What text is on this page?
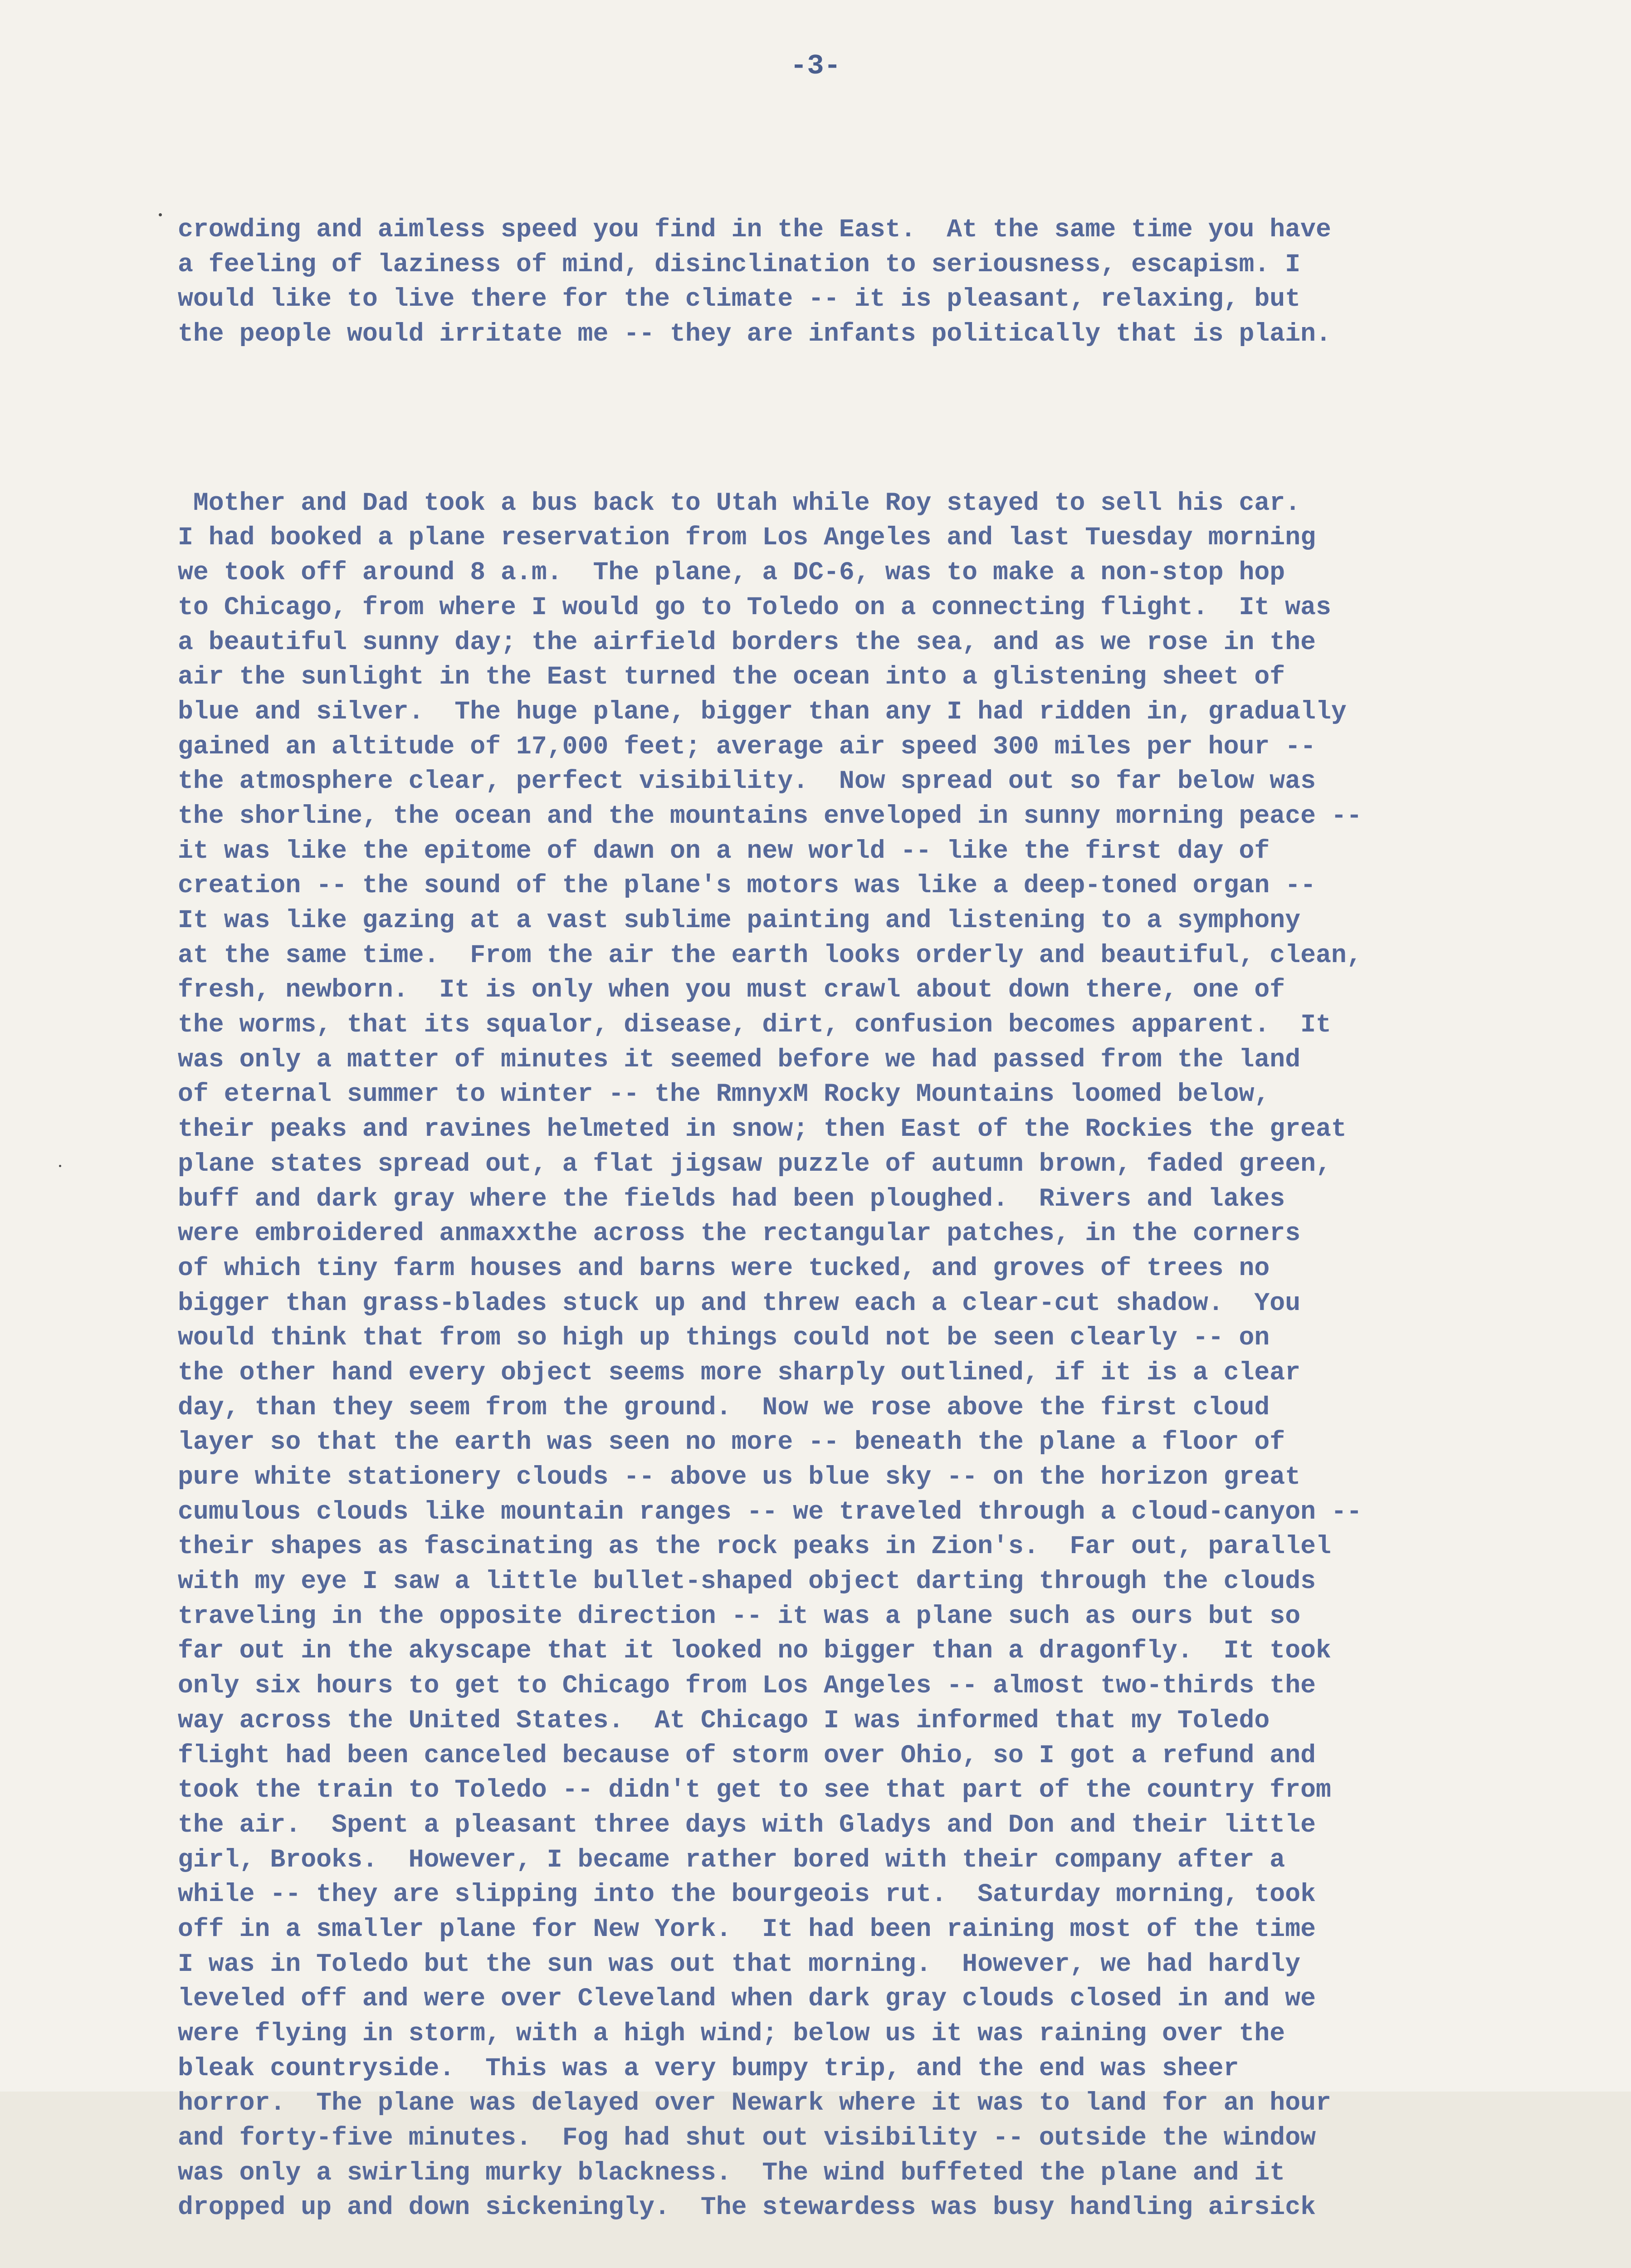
-3-

crowding and aimless speed you find in the East.  At the same time you have
a feeling of laziness of mind, disinclination to seriousness, escapism. I
would like to live there for the climate -- it is pleasant, relaxing, but
the people would irritate me -- they are infants politically that is plain.

Mother and Dad took a bus back to Utah while Roy stayed to sell his car.
I had booked a plane reservation from Los Angeles and last Tuesday morning
we took off around 8 a.m.  The plane, a DC-6, was to make a non-stop hop
to Chicago, from where I would go to Toledo on a connecting flight.  It was
a beautiful sunny day; the airfield borders the sea, and as we rose in the
air the sunlight in the East turned the ocean into a glistening sheet of
blue and silver.  The huge plane, bigger than any I had ridden in, gradually
gained an altitude of 17,000 feet; average air speed 300 miles per hour --
the atmosphere clear, perfect visibility.  Now spread out so far below was
the shorline, the ocean and the mountains enveloped in sunny morning peace --
it was like the epitome of dawn on a new world -- like the first day of
creation -- the sound of the plane's motors was like a deep-toned organ --
It was like gazing at a vast sublime painting and listening to a symphony
at the same time.  From the air the earth looks orderly and beautiful, clean,
fresh, newborn.  It is only when you must crawl about down there, one of
the worms, that its squalor, disease, dirt, confusion becomes apparent.  It
was only a matter of minutes it seemed before we had passed from the land
of eternal summer to winter -- the RmnyxM Rocky Mountains loomed below,
their peaks and ravines helmeted in snow; then East of the Rockies the great
plane states spread out, a flat jigsaw puzzle of autumn brown, faded green,
buff and dark gray where the fields had been ploughed.  Rivers and lakes
were embroidered anmaxxthe across the rectangular patches, in the corners
of which tiny farm houses and barns were tucked, and groves of trees no
bigger than grass-blades stuck up and threw each a clear-cut shadow.  You
would think that from so high up things could not be seen clearly -- on
the other hand every object seems more sharply outlined, if it is a clear
day, than they seem from the ground.  Now we rose above the first cloud
layer so that the earth was seen no more -- beneath the plane a floor of
pure white stationery clouds -- above us blue sky -- on the horizon great
cumulous clouds like mountain ranges -- we traveled through a cloud-canyon --
their shapes as fascinating as the rock peaks in Zion's.  Far out, parallel
with my eye I saw a little bullet-shaped object darting through the clouds
traveling in the opposite direction -- it was a plane such as ours but so
far out in the akyscape that it looked no bigger than a dragonfly.  It took
only six hours to get to Chicago from Los Angeles -- almost two-thirds the
way across the United States.  At Chicago I was informed that my Toledo
flight had been canceled because of storm over Ohio, so I got a refund and
took the train to Toledo -- didn't get to see that part of the country from
the air.  Spent a pleasant three days with Gladys and Don and their little
girl, Brooks.  However, I became rather bored with their company after a
while -- they are slipping into the bourgeois rut.  Saturday morning, took
off in a smaller plane for New York.  It had been raining most of the time
I was in Toledo but the sun was out that morning.  However, we had hardly
leveled off and were over Cleveland when dark gray clouds closed in and we
were flying in storm, with a high wind; below us it was raining over the
bleak countryside.  This was a very bumpy trip, and the end was sheer
horror.  The plane was delayed over Newark where it was to land for an hour
and forty-five minutes.  Fog had shut out visibility -- outside the window
was only a swirling murky blackness.  The wind buffeted the plane and it
dropped up and down sickeningly.  The stewardess was busy handling airsick
